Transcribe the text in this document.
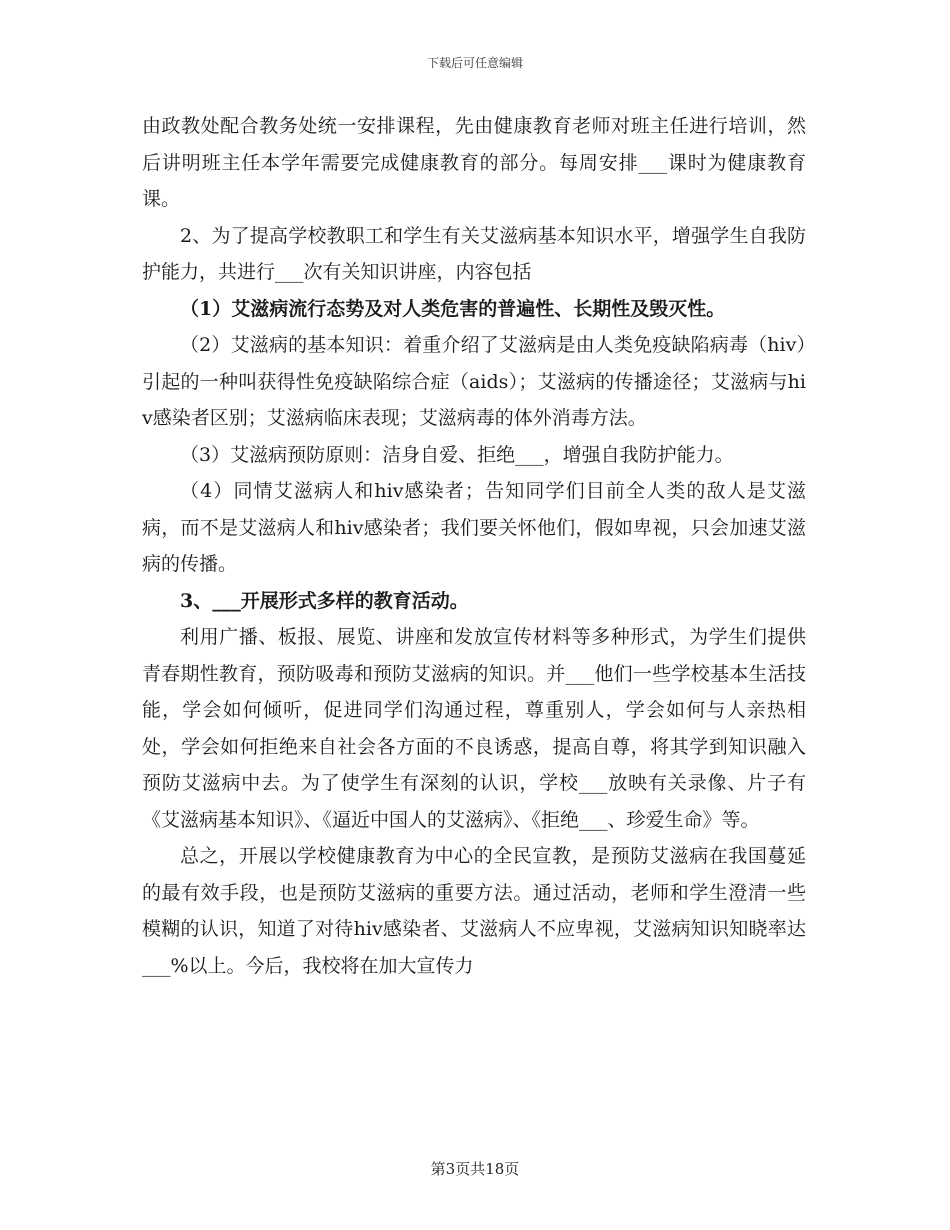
下载后可任意编辑

由政教处配合教务处统一安排课程，先由健康教育老师对班主任进行培训，然后讲明班主任本学年需要完成健康教育的部分。每周安排___课时为健康教育课。

2、为了提高学校教职工和学生有关艾滋病基本知识水平，增强学生自我防护能力，共进行___次有关知识讲座，内容包括

（1）艾滋病流行态势及对人类危害的普遍性、长期性及毁灭性。

（2）艾滋病的基本知识：着重介绍了艾滋病是由人类免疫缺陷病毒（hiv）引起的一种叫获得性免疫缺陷综合症（aids）；艾滋病的传播途径；艾滋病与hiv感染者区别；艾滋病临床表现；艾滋病毒的体外消毒方法。

（3）艾滋病预防原则：洁身自爱、拒绝___，增强自我防护能力。

（4）同情艾滋病人和hiv感染者；告知同学们目前全人类的敌人是艾滋病，而不是艾滋病人和hiv感染者；我们要关怀他们，假如卑视，只会加速艾滋病的传播。

3、___开展形式多样的教育活动。

利用广播、板报、展览、讲座和发放宣传材料等多种形式，为学生们提供青春期性教育，预防吸毒和预防艾滋病的知识。并___他们一些学校基本生活技能，学会如何倾听，促进同学们沟通过程，尊重别人，学会如何与人亲热相处，学会如何拒绝来自社会各方面的不良诱惑，提高自尊，将其学到知识融入预防艾滋病中去。为了使学生有深刻的认识，学校___放映有关录像、片子有《艾滋病基本知识》、《逼近中国人的艾滋病》、《拒绝___、珍爱生命》等。

总之，开展以学校健康教育为中心的全民宣教，是预防艾滋病在我国蔓延的最有效手段，也是预防艾滋病的重要方法。通过活动，老师和学生澄清一些模糊的认识，知道了对待hiv感染者、艾滋病人不应卑视，艾滋病知识知晓率达___%以上。今后，我校将在加大宣传力

第3页共18页
